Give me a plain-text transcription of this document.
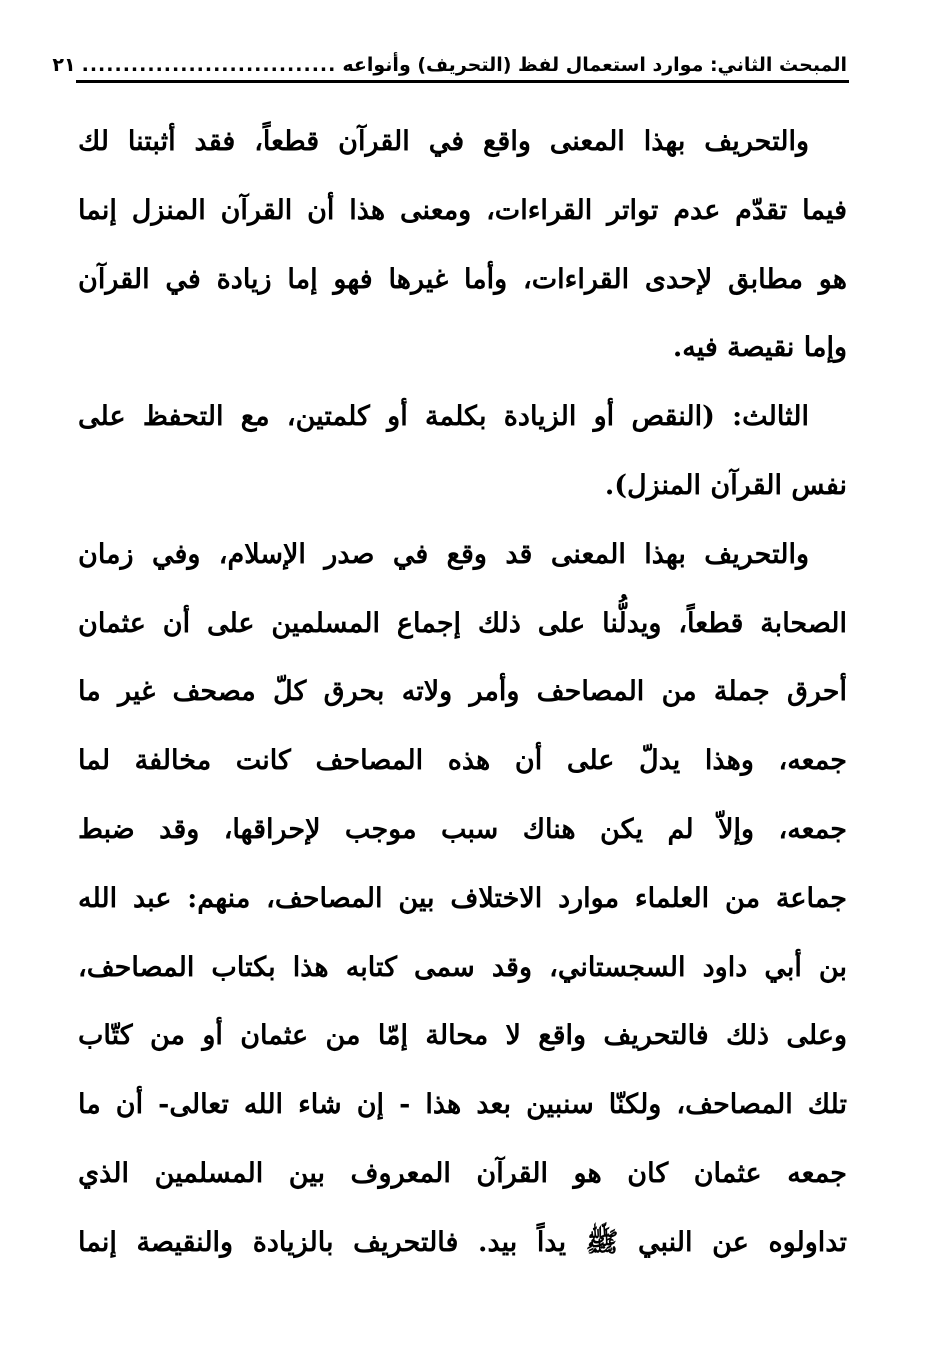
المبحث الثاني: موارد استعمال لفظ (التحريف) وأنواعه
...............................
٢١
والتحريف بهذا المعنى واقع في القرآن قطعاً، فقد أثبتنا لك
فيما تقدّم عدم تواتر القراءات، ومعنى هذا أن القرآن المنزل إنما
هو مطابق لإحدى القراءات، وأما غيرها فهو إما زيادة في القرآن
وإما نقيصة فيه.
الثالث: (النقص أو الزيادة بكلمة أو كلمتين، مع التحفظ على
نفس القرآن المنزل).
والتحريف بهذا المعنى قد وقع في صدر الإسلام، وفي زمان
الصحابة قطعاً، ويدلُّنا على ذلك إجماع المسلمين على أن عثمان
أحرق جملة من المصاحف وأمر ولاته بحرق كلّ مصحف غير ما
جمعه، وهذا يدلّ على أن هذه المصاحف كانت مخالفة لما
جمعه، وإلاّ لم يكن هناك سبب موجب لإحراقها، وقد ضبط
جماعة من العلماء موارد الاختلاف بين المصاحف، منهم: عبد الله
بن أبي داود السجستاني، وقد سمى كتابه هذا بكتاب المصاحف،
وعلى ذلك فالتحريف واقع لا محالة إمّا من عثمان أو من كتّاب
تلك المصاحف، ولكنّا سنبين بعد هذا - إن شاء الله تعالى- أن ما
جمعه عثمان كان هو القرآن المعروف بين المسلمين الذي
تداولوه عن النبي ﷺ يداً بيد. فالتحريف بالزيادة والنقيصة إنما
